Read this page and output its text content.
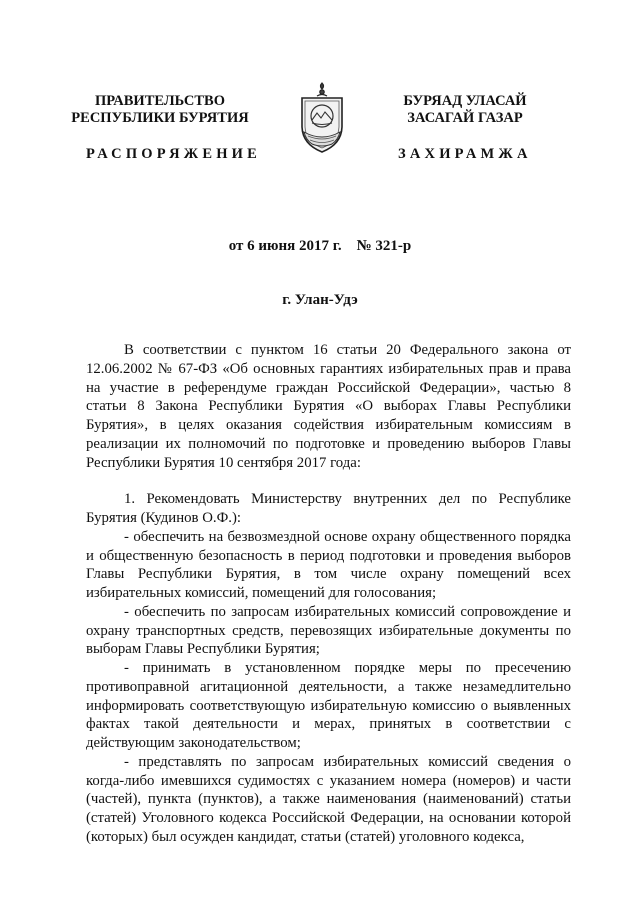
ПРАВИТЕЛЬСТВО
РЕСПУБЛИКИ БУРЯТИЯ
БУРЯАД УЛАСАЙ
ЗАСАГАЙ ГАЗАР
РАСПОРЯЖЕНИЕ	ЗАХИРАМЖА
от 6 июня 2017 г.    № 321-р
г. Улан-Удэ

В соответствии с пунктом 16 статьи 20 Федерального закона от 12.06.2002 № 67-ФЗ «Об основных гарантиях избирательных прав и права на участие в референдуме граждан Российской Федерации», частью 8 статьи 8 Закона Республики Бурятия «О выборах Главы Республики Бурятия», в целях оказания содействия избирательным комиссиям в реализации их полномочий по подготовке и проведению выборов Главы Республики Бурятия 10 сентября 2017 года:

1. Рекомендовать Министерству внутренних дел по Республике Бурятия (Кудинов О.Ф.):

- обеспечить на безвозмездной основе охрану общественного порядка и общественную безопасность в период подготовки и проведения выборов Главы Республики Бурятия, в том числе охрану помещений всех избирательных комиссий, помещений для голосования;

- обеспечить по запросам избирательных комиссий сопровождение и охрану транспортных средств, перевозящих избирательные документы по выборам Главы Республики Бурятия;

- принимать в установленном порядке меры по пресечению противоправной агитационной деятельности, а также незамедлительно информировать соответствующую избирательную комиссию о выявленных фактах такой деятельности и мерах, принятых в соответствии с действующим законодательством;

- представлять по запросам избирательных комиссий сведения о когда-либо имевшихся судимостях с указанием номера (номеров) и части (частей), пункта (пунктов), а также наименования (наименований) статьи (статей) Уголовного кодекса Российской Федерации, на основании которой (которых) был осужден кандидат, статьи (статей) уголовного кодекса,
